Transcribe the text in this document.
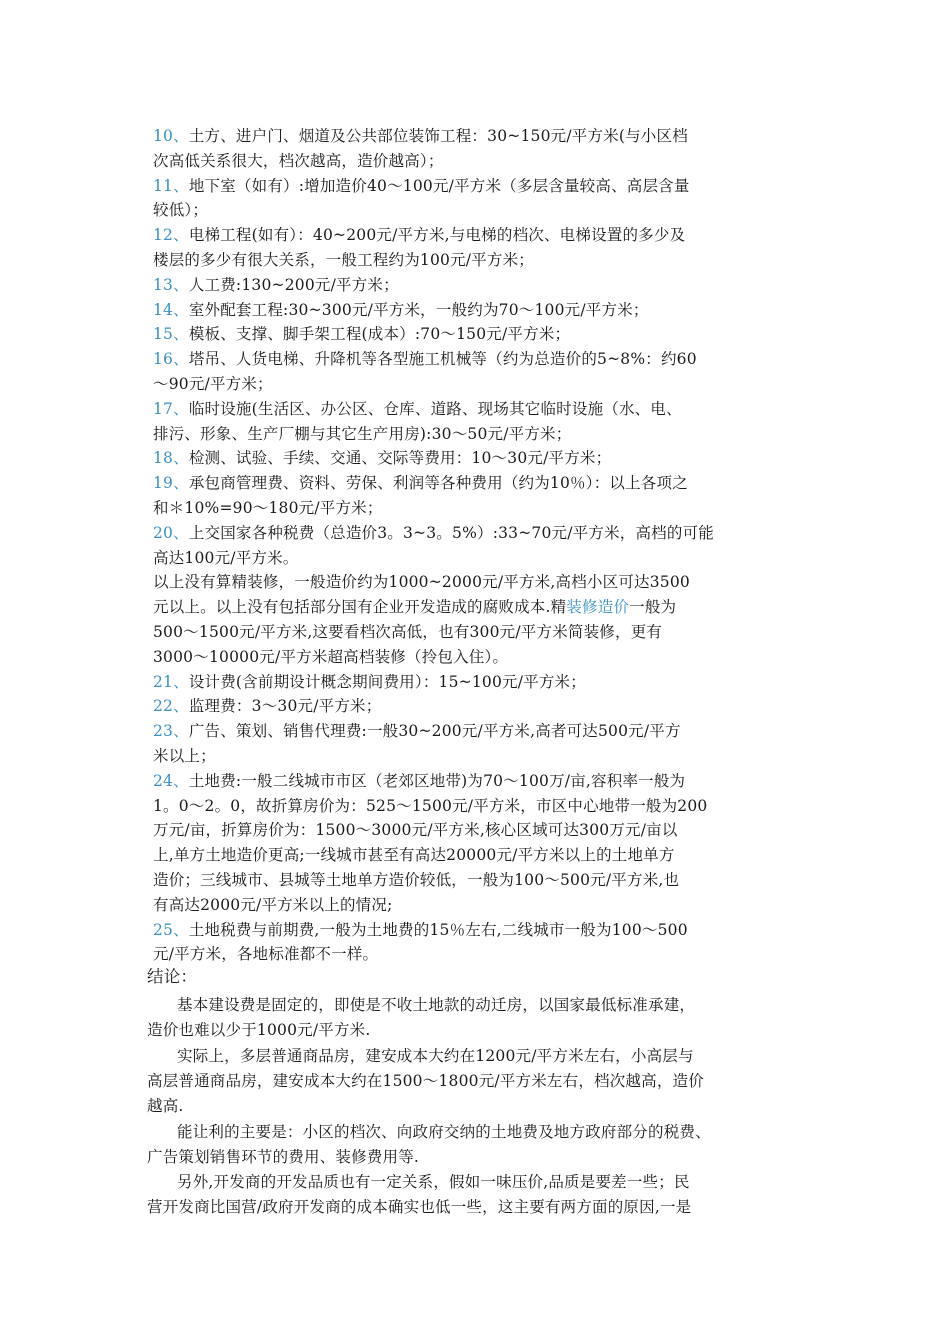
10、土方、进户门、烟道及公共部位装饰工程：30~150元/平方米(与小区档
次高低关系很大，档次越高，造价越高）；
11、地下室（如有）:增加造价40～100元/平方米（多层含量较高、高层含量
较低）；
12、电梯工程(如有）：40~200元/平方米,与电梯的档次、电梯设置的多少及
楼层的多少有很大关系，一般工程约为100元/平方米；
13、人工费:130~200元/平方米；
14、室外配套工程:30~300元/平方米，一般约为70～100元/平方米；
15、模板、支撑、脚手架工程(成本）:70～150元/平方米；
16、塔吊、人货电梯、升降机等各型施工机械等（约为总造价的5~8%：约60
～90元/平方米；
17、临时设施(生活区、办公区、仓库、道路、现场其它临时设施（水、电、
排污、形象、生产厂棚与其它生产用房):30～50元/平方米；
18、检测、试验、手续、交通、交际等费用：10～30元/平方米；
19、承包商管理费、资料、劳保、利润等各种费用（约为10％）：以上各项之
和＊10%=90～180元/平方米；
20、上交国家各种税费（总造价3。3~3。5%）:33~70元/平方米，高档的可能
高达100元/平方米。
以上没有算精装修，一般造价约为1000~2000元/平方米,高档小区可达3500
元以上。以上没有包括部分国有企业开发造成的腐败成本.精装修造价一般为
500～1500元/平方米,这要看档次高低，也有300元/平方米简装修，更有
3000～10000元/平方米超高档装修（拎包入住）。
21、设计费(含前期设计概念期间费用）：15~100元/平方米；
22、监理费：3～30元/平方米；
23、广告、策划、销售代理费:一般30~200元/平方米,高者可达500元/平方
米以上；
24、土地费:一般二线城市市区（老郊区地带)为70～100万/亩,容积率一般为
1。0～2。0，故折算房价为：525～1500元/平方米，市区中心地带一般为200
万元/亩，折算房价为：1500～3000元/平方米,核心区域可达300万元/亩以
上,单方土地造价更高;一线城市甚至有高达20000元/平方米以上的土地单方
造价；三线城市、县城等土地单方造价较低，一般为100～500元/平方米,也
有高达2000元/平方米以上的情况;
25、土地税费与前期费,一般为土地费的15％左右,二线城市一般为100～500
元/平方米，各地标准都不一样。
结论：
基本建设费是固定的，即使是不收土地款的动迁房，以国家最低标准承建，
造价也难以少于1000元/平方米.
实际上，多层普通商品房，建安成本大约在1200元/平方米左右，小高层与
高层普通商品房，建安成本大约在1500～1800元/平方米左右，档次越高，造价
越高.
能让利的主要是：小区的档次、向政府交纳的土地费及地方政府部分的税费、
广告策划销售环节的费用、装修费用等.
另外,开发商的开发品质也有一定关系，假如一味压价,品质是要差一些；民
营开发商比国营/政府开发商的成本确实也低一些，这主要有两方面的原因,一是
